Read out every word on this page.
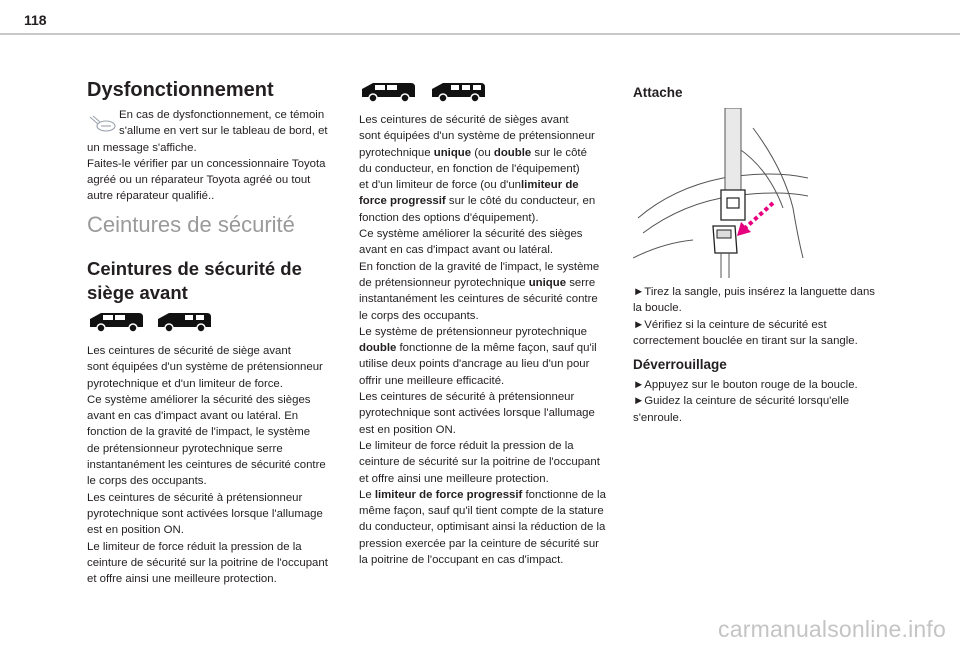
118
Dysfonctionnement

En cas de dysfonctionnement, ce témoin

s'allume en vert sur le tableau de bord, et

un message s'affiche.

Faites-le vérifier par un concessionnaire Toyota

agréé ou un réparateur Toyota agréé ou tout

autre réparateur qualifié..

Ceintures de sécurité
Ceintures de sécurité de
siège avant

Les ceintures de sécurité de siège avant

sont équipées d'un système de prétensionneur

pyrotechnique et d'un limiteur de force.

Ce système améliorer la sécurité des sièges

avant en cas d'impact avant ou latéral. En

fonction de la gravité de l'impact, le système

de prétensionneur pyrotechnique serre

instantanément les ceintures de sécurité contre

le corps des occupants.

Les ceintures de sécurité à prétensionneur

pyrotechnique sont activées lorsque l'allumage

est en position ON.

Le limiteur de force réduit la pression de la

ceinture de sécurité sur la poitrine de l'occupant

et offre ainsi une meilleure protection.

Les ceintures de sécurité de sièges avant

sont équipées d'un système de prétensionneur

pyrotechnique unique (ou double sur le côté

du conducteur, en fonction de l'équipement)

et d'un limiteur de force (ou d'unlimiteur de

force progressif sur le côté du conducteur, en

fonction des options d'équipement).

Ce système améliorer la sécurité des sièges

avant en cas d'impact avant ou latéral.

En fonction de la gravité de l'impact, le système

de prétensionneur pyrotechnique unique serre

instantanément les ceintures de sécurité contre

le corps des occupants.

Le système de prétensionneur pyrotechnique

double fonctionne de la même façon, sauf qu'il

utilise deux points d'ancrage au lieu d'un pour

offrir une meilleure efficacité.

Les ceintures de sécurité à prétensionneur

pyrotechnique sont activées lorsque l'allumage

est en position ON.

Le limiteur de force réduit la pression de la

ceinture de sécurité sur la poitrine de l'occupant

et offre ainsi une meilleure protection.

Le limiteur de force progressif fonctionne de la

même façon, sauf qu'il tient compte de la stature

du conducteur, optimisant ainsi la réduction de la

pression exercée par la ceinture de sécurité sur

la poitrine de l'occupant en cas d'impact.

Attache

►Tirez la sangle, puis insérez la languette dans

la boucle.

►Vérifiez si la ceinture de sécurité est

correctement bouclée en tirant sur la sangle.

Déverrouillage

►Appuyez sur le bouton rouge de la boucle.

►Guidez la ceinture de sécurité lorsqu'elle

s'enroule.

carmanualsonline.info
